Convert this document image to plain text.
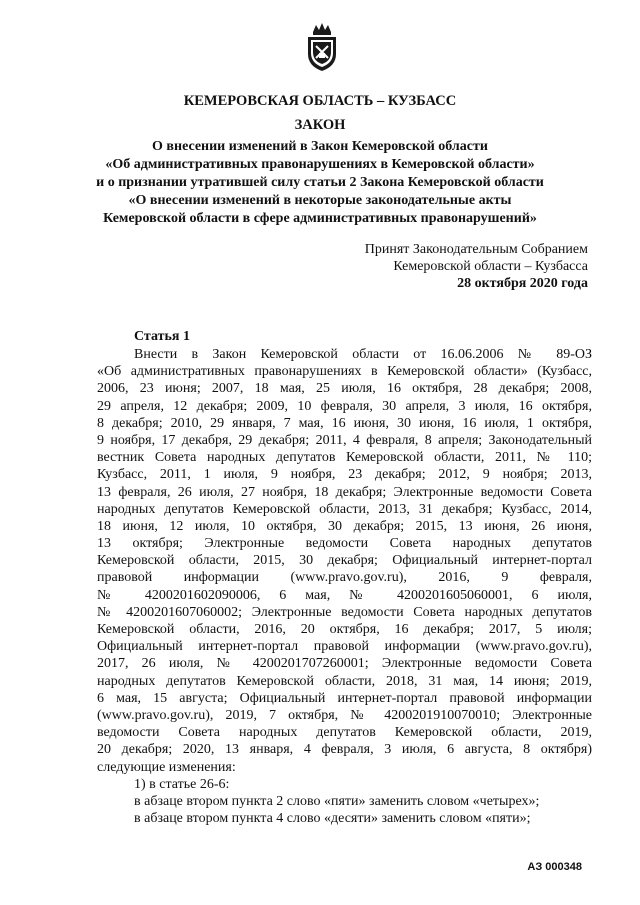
КЕМЕРОВСКАЯ ОБЛАСТЬ – КУЗБАСС
ЗАКОН
О внесении изменений в Закон Кемеровской области
«Об административных правонарушениях в Кемеровской области»
и о признании утратившей силу статьи 2 Закона Кемеровской области
«О внесении изменений в некоторые законодательные акты
Кемеровской области в сфере административных правонарушений»
Принят Законодательным Собранием
Кемеровской области – Кузбасса
28 октября 2020 года
Статья 1
Внести в Закон Кемеровской области от 16.06.2006 № 89-ОЗ
«Об административных правонарушениях в Кемеровской области» (Кузбасс,
2006, 23 июня; 2007, 18 мая, 25 июля, 16 октября, 28 декабря; 2008,
29 апреля, 12 декабря; 2009, 10 февраля, 30 апреля, 3 июля, 16 октября,
8 декабря; 2010, 29 января, 7 мая, 16 июня, 30 июня, 16 июля, 1 октября,
9 ноября, 17 декабря, 29 декабря; 2011, 4 февраля, 8 апреля; Законодательный
вестник Совета народных депутатов Кемеровской области, 2011, № 110;
Кузбасс, 2011, 1 июля, 9 ноября, 23 декабря; 2012, 9 ноября; 2013,
13 февраля, 26 июля, 27 ноября, 18 декабря; Электронные ведомости Совета
народных депутатов Кемеровской области, 2013, 31 декабря; Кузбасс, 2014,
18 июня, 12 июля, 10 октября, 30 декабря; 2015, 13 июня, 26 июня,
13 октября; Электронные ведомости Совета народных депутатов
Кемеровской области, 2015, 30 декабря; Официальный интернет-портал
правовой информации (www.pravo.gov.ru), 2016, 9 февраля,
№ 4200201602090006, 6 мая, № 4200201605060001, 6 июля,
№ 4200201607060002; Электронные ведомости Совета народных депутатов
Кемеровской области, 2016, 20 октября, 16 декабря; 2017, 5 июля;
Официальный интернет-портал правовой информации (www.pravo.gov.ru),
2017, 26 июля, № 4200201707260001; Электронные ведомости Совета
народных депутатов Кемеровской области, 2018, 31 мая, 14 июня; 2019,
6 мая, 15 августа; Официальный интернет-портал правовой информации
(www.pravo.gov.ru), 2019, 7 октября, № 4200201910070010; Электронные
ведомости Совета народных депутатов Кемеровской области, 2019,
20 декабря; 2020, 13 января, 4 февраля, 3 июля, 6 августа, 8 октября)
следующие изменения:
1) в статье 26-6:
в абзаце втором пункта 2 слово «пяти» заменить словом «четырех»;
в абзаце втором пункта 4 слово «десяти» заменить словом «пяти»;
АЗ 000348
